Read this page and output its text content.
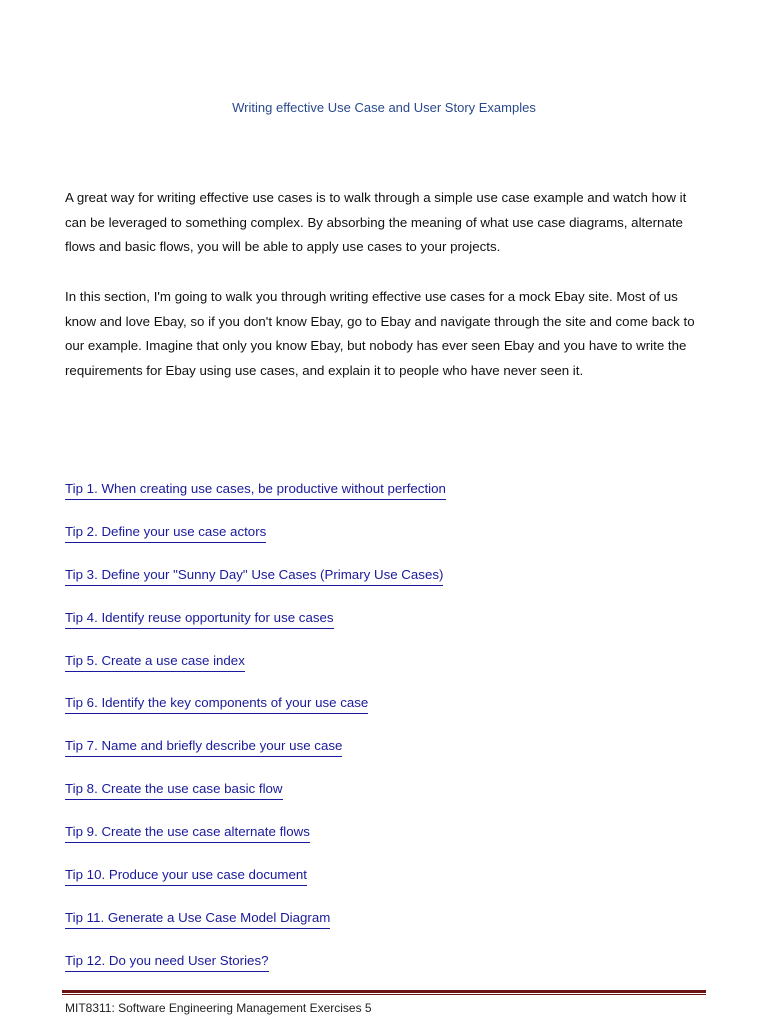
Writing effective Use Case and User Story Examples

A great way for writing effective use cases is to walk through a simple use case example and watch how it can be leveraged to something complex. By absorbing the meaning of what use case diagrams, alternate flows and basic flows, you will be able to apply use cases to your projects.

In this section, I'm going to walk you through writing effective use cases for a mock Ebay site. Most of us know and love Ebay, so if you don't know Ebay, go to Ebay and navigate through the site and come back to our example. Imagine that only you know Ebay, but nobody has ever seen Ebay and you have to write the requirements for Ebay using use cases, and explain it to people who have never seen it.

Tip 1. When creating use cases, be productive without perfection
Tip 2. Define your use case actors
Tip 3. Define your "Sunny Day" Use Cases (Primary Use Cases)
Tip 4. Identify reuse opportunity for use cases
Tip 5. Create a use case index
Tip 6. Identify the key components of your use case
Tip 7. Name and briefly describe your use case
Tip 8. Create the use case basic flow
Tip 9. Create the use case alternate flows
Tip 10. Produce your use case document
Tip 11. Generate a Use Case Model Diagram
Tip 12. Do you need User Stories?
MIT8311: Software Engineering Management Exercises 5
